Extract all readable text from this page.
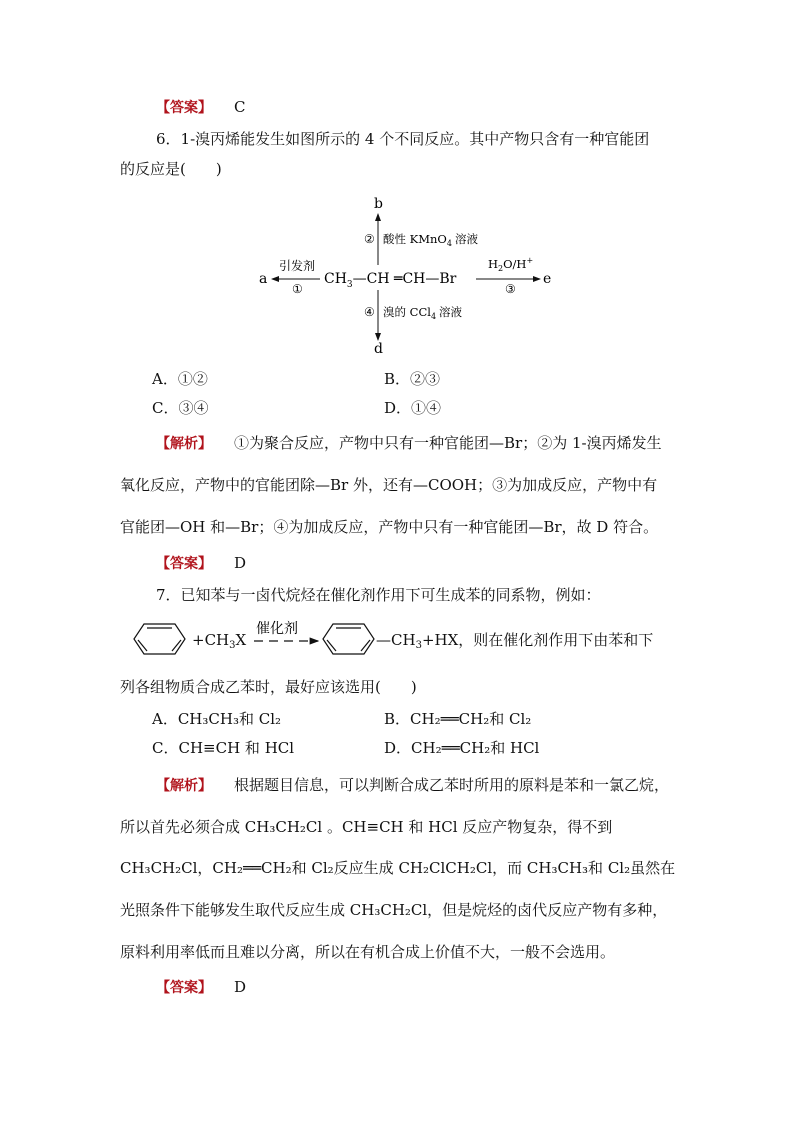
【答案】 C
6．1-溴丙烯能发生如图所示的 4 个不同反应。其中产物只含有一种官能团
的反应是(　　)
$CH_3—CH$ ═CH—Br
b
② 酸性 KMnO$_4$ 溶液
d
④ 溴的 CCl$_4$ 溶液
a
引发剂
①
e
$H_2O/H^+$
③
催化剂
A．①②	B．②③
C．③④	D．①④
【解析】 ①为聚合反应，产物中只有一种官能团—Br；②为 1-溴丙烯发生
氧化反应，产物中的官能团除—Br 外，还有—COOH；③为加成反应，产物中有
官能团—OH 和—Br；④为加成反应，产物中只有一种官能团—Br，故 D 符合。
【答案】 D
7．已知苯与一卤代烷烃在催化剂作用下可生成苯的同系物，例如：
$+CH_3X$	$—CH_3+HX$，则在催化剂作用下由苯和下
列各组物质合成乙苯时，最好应该选用(　　)
A．CH₃CH₃和 Cl₂	B．CH₂══CH₂和 Cl₂
C．CH≡CH 和 HCl	D．CH₂══CH₂和 HCl
【解析】 根据题目信息，可以判断合成乙苯时所用的原料是苯和一氯乙烷，
所以首先必须合成 CH₃CH₂Cl 。CH≡CH 和 HCl 反应产物复杂，得不到
CH₃CH₂Cl，CH₂══CH₂和 Cl₂反应生成 CH₂ClCH₂Cl，而 CH₃CH₃和 Cl₂虽然在
光照条件下能够发生取代反应生成 CH₃CH₂Cl，但是烷烃的卤代反应产物有多种，
原料利用率低而且难以分离，所以在有机合成上价值不大，一般不会选用。
【答案】 D
